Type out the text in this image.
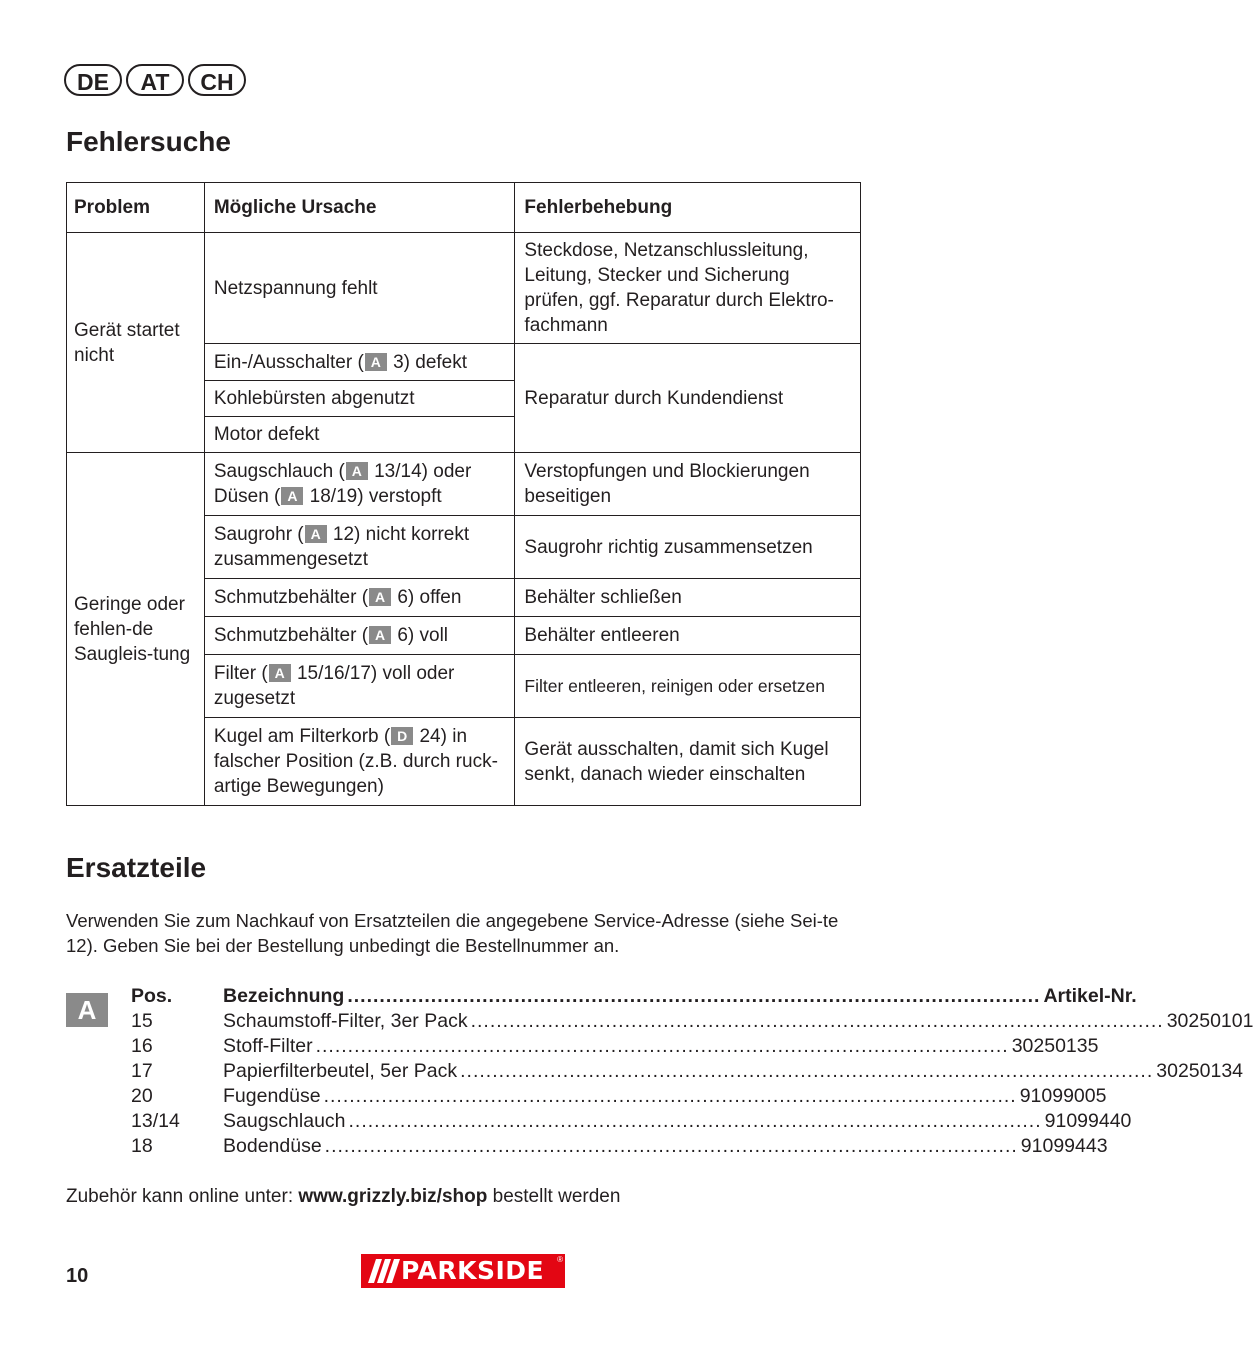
DE	AT	CH
Fehlersuche
Problem	Mögliche Ursache	Fehlerbehebung
Gerät startet nicht	Netzspannung fehlt	Steckdose, Netzanschlussleitung, Leitung, Stecker und Sicherung prüfen, ggf. Reparatur durch Elektro-fachmann
	Ein-/Ausschalter ( A 3) defekt	Reparatur durch Kundendienst
	Kohlebürsten abgenutzt	
	Motor defekt	
Geringe oder fehlen-de Saugleis-tung	Saugschlauch ( A 13/14) oder Düsen ( A 18/19) verstopft	Verstopfungen und Blockierungen beseitigen
	Saugrohr ( A 12) nicht korrekt zusammengesetzt	Saugrohr richtig zusammensetzen
	Schmutzbehälter ( A 6) offen	Behälter schließen
	Schmutzbehälter ( A 6) voll	Behälter entleeren
	Filter ( A 15/16/17) voll oder zugesetzt	Filter entleeren, reinigen oder ersetzen
	Kugel am Filterkorb ( D 24) in falscher Position (z.B. durch ruck-artige Bewegungen)	Gerät ausschalten, damit sich Kugel senkt, danach wieder einschalten
Ersatzteile

Verwenden Sie zum Nachkauf von Ersatzteilen die angegebene Service-Adresse (siehe Sei-te 12). Geben Sie bei der Bestellung unbedingt die Bestellnummer an.

A	Pos.	Bezeichnung ............................................................................................................ Artikel-Nr.
15	Schaumstoff-Filter, 3er Pack ............................................................................................................ 30250101
16	Stoff-Filter ............................................................................................................ 30250135
17	Papierfilterbeutel, 5er Pack ............................................................................................................ 30250134
20	Fugendüse ............................................................................................................ 91099005
13/14	Saugschlauch ............................................................................................................ 91099440
18	Bodendüse ............................................................................................................ 91099443

Zubehör kann online unter: www.grizzly.biz/shop bestellt werden

10	PARKSIDE ®
